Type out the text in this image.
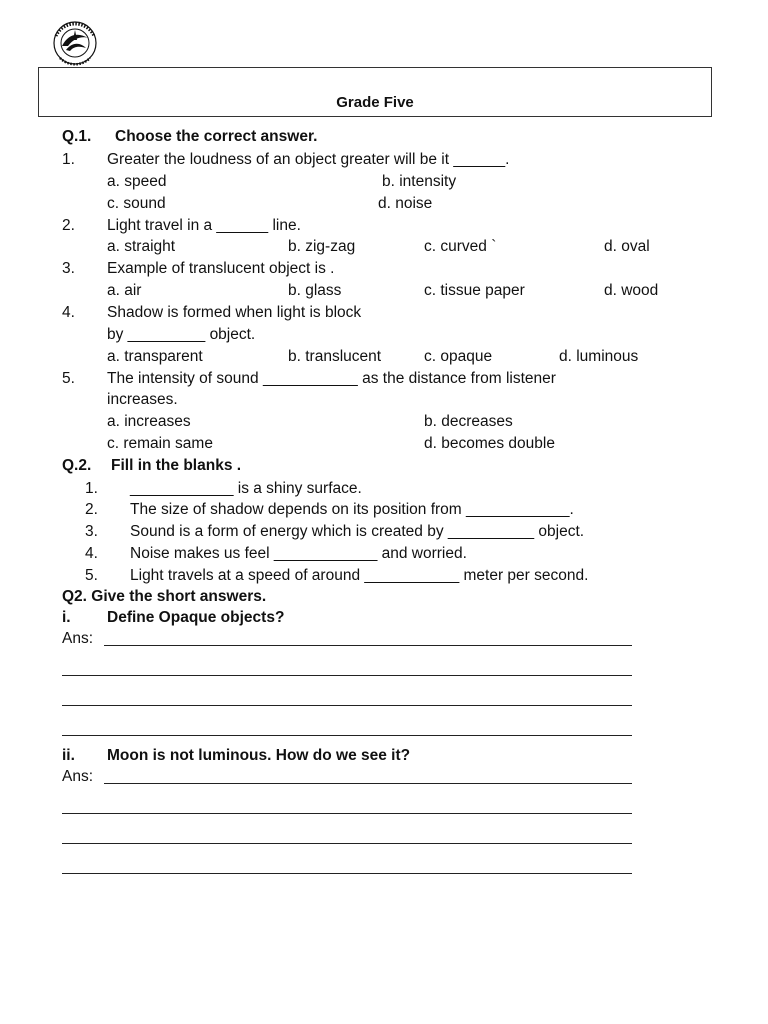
Grade Five
Q.1. Choose the correct answer.
1. Greater the loudness of an object greater will be it ______.
a. speed	b. intensity
c. sound	d. noise
2. Light travel in a ______ line.
a. straight	b. zig-zag	c. curved `	d. oval
3. Example of translucent object is .
a. air	b. glass	c. tissue paper	d. wood
4. Shadow is formed when light is block
by _________ object.
a. transparent	b. translucent	c. opaque	d. luminous
5. The intensity of sound ___________ as the distance from listener
increases.
a. increases	b. decreases
c. remain same	d. becomes double
Q.2. Fill in the blanks .
1. ____________ is a shiny surface.
2. The size of shadow depends on its position from ____________.
3. Sound is a form of energy which is created by __________ object.
4. Noise makes us feel ____________ and worried.
5. Light travels at a speed of around ___________ meter per second.
Q2. Give the short answers.
i. Define Opaque objects?
Ans:
ii. Moon is not luminous. How do we see it?
Ans:
